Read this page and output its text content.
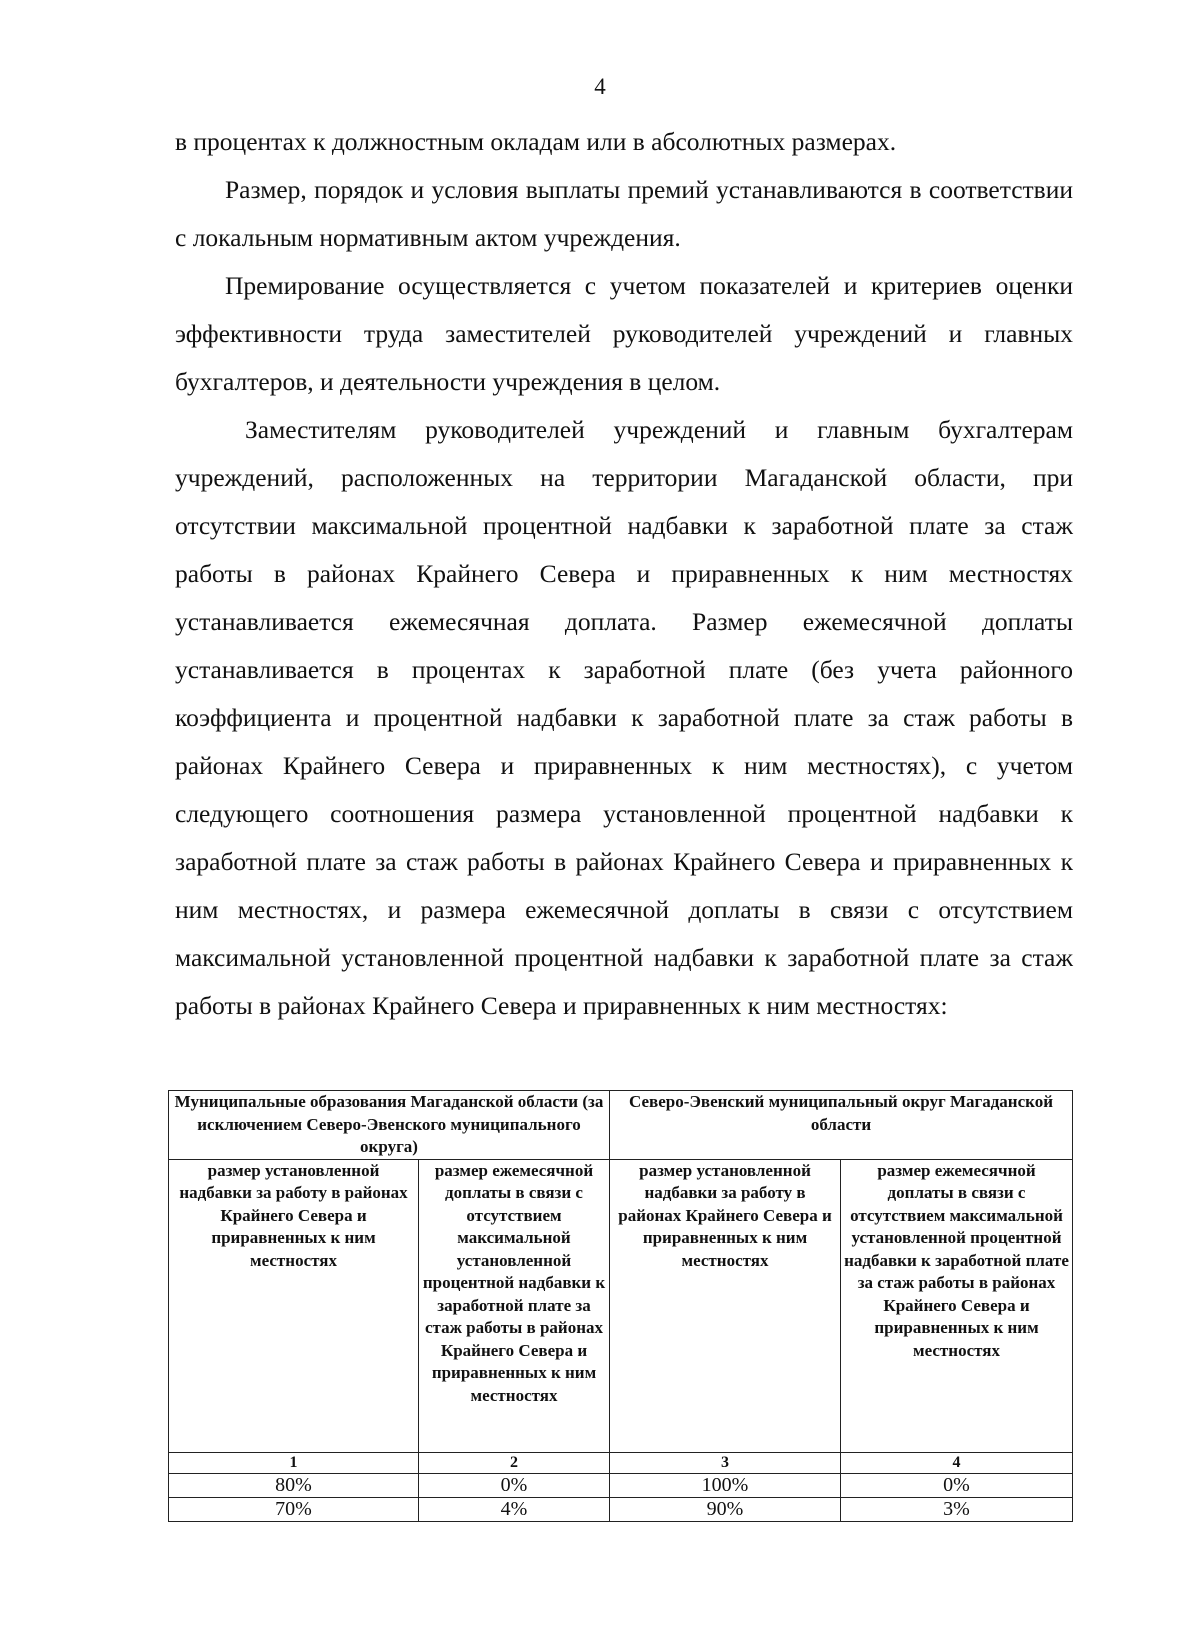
4

в процентах к должностным окладам или в абсолютных размерах.

Размер, порядок и условия выплаты премий устанавливаются в соответствии с локальным нормативным актом учреждения.

Премирование осуществляется с учетом показателей и критериев оценки эффективности труда заместителей руководителей учреждений и главных бухгалтеров, и деятельности учреждения в целом.

Заместителям руководителей учреждений и главным бухгалтерам учреждений, расположенных на территории Магаданской области, при отсутствии максимальной процентной надбавки к заработной плате за стаж работы в районах Крайнего Севера и приравненных к ним местностях устанавливается ежемесячная доплата. Размер ежемесячной доплаты устанавливается в процентах к заработной плате (без учета районного коэффициента и процентной надбавки к заработной плате за стаж работы в районах Крайнего Севера и приравненных к ним местностях), с учетом следующего соотношения размера установленной процентной надбавки к заработной плате за стаж работы в районах Крайнего Севера и приравненных к ним местностях, и размера ежемесячной доплаты в связи с отсутствием максимальной установленной процентной надбавки к заработной плате за стаж работы в районах Крайнего Севера и приравненных к ним местностях:

Муниципальные образования Магаданской области (за исключением Северо-Эвенского муниципального округа)		Северо-Эвенский муниципальный округ Магаданской области	
размер установленной надбавки за работу в районах Крайнего Севера и приравненных к ним местностях	размер ежемесячной доплаты в связи с отсутствием максимальной установленной процентной надбавки к заработной плате за стаж работы в районах Крайнего Севера и приравненных к ним местностях	размер установленной надбавки за работу в районах Крайнего Севера и приравненных к ним местностях	размер ежемесячной доплаты в связи с отсутствием максимальной установленной процентной надбавки к заработной плате за стаж работы в районах Крайнего Севера и приравненных к ним местностях
1	2	3	4
80%	0%	100%	0%
70%	4%	90%	3%
